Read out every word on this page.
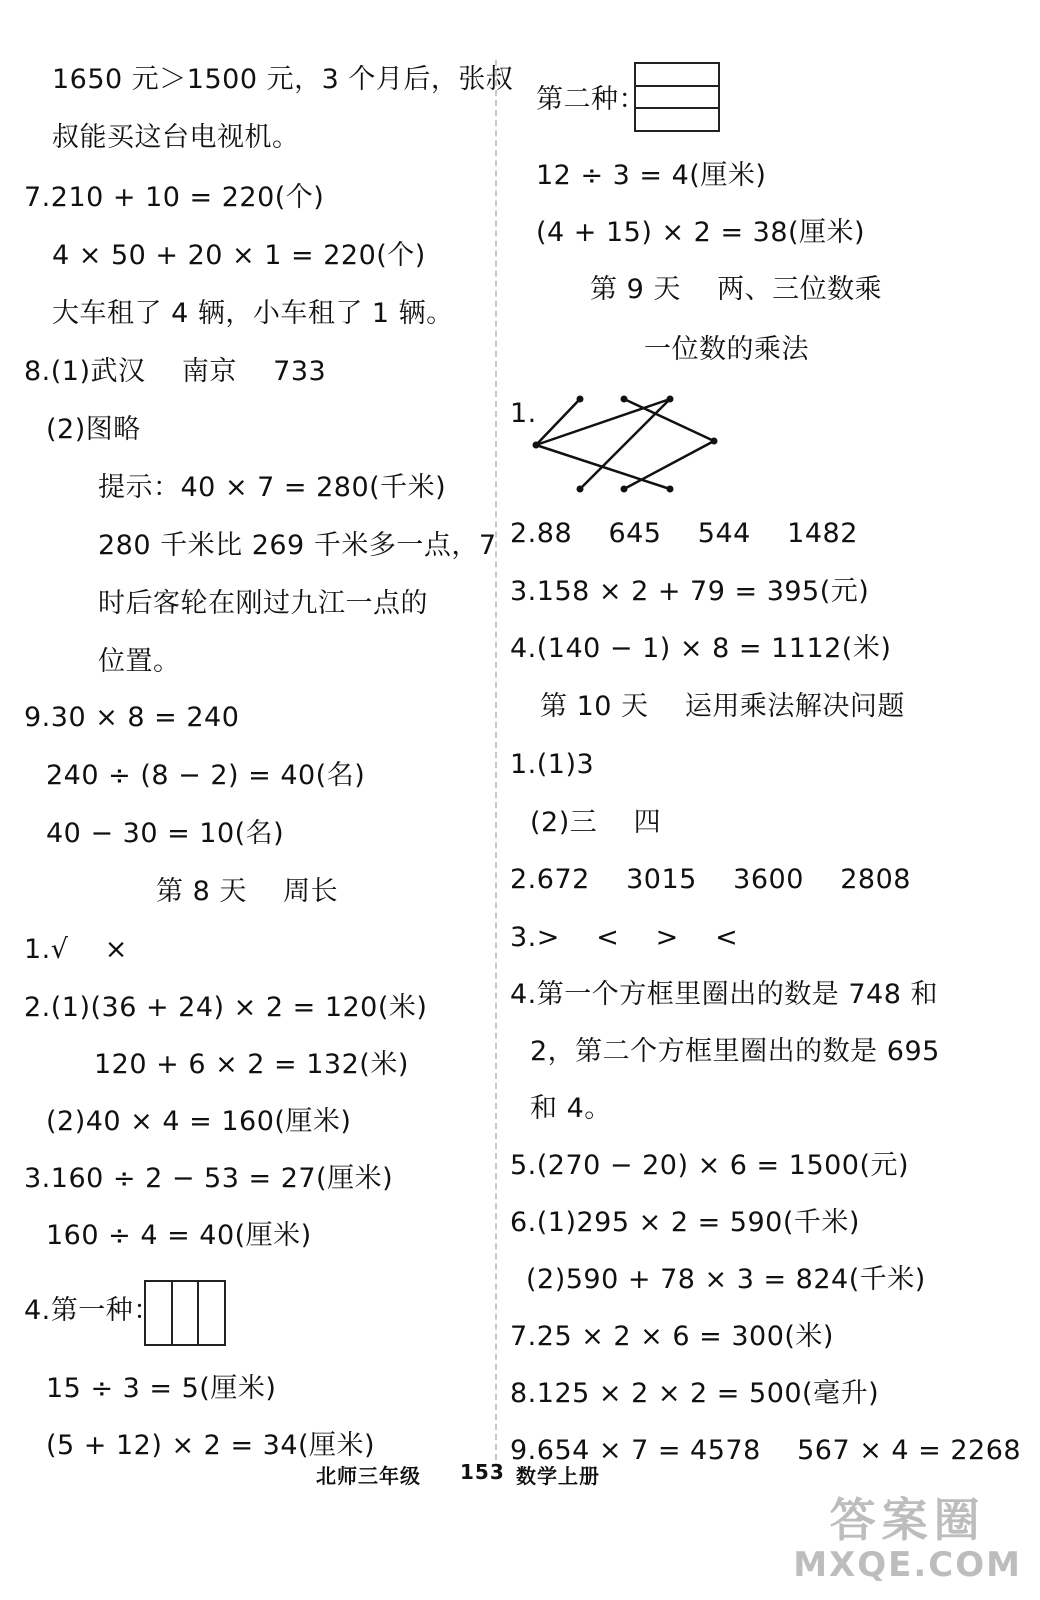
1650 元＞1500 元，3 个月后，张叔
叔能买这台电视机。
7.210 + 10 = 220(个)
4 × 50 + 20 × 1 = 220(个)
大车租了 4 辆，小车租了 1 辆。
8.(1)武汉    南京    733
(2)图略
提示：40 × 7 = 280(千米)
280 千米比 269 千米多一点，7
时后客轮在刚过九江一点的
位置。
9.30 × 8 = 240
240 ÷ (8 − 2) = 40(名)
40 − 30 = 10(名)
第 8 天    周长
1.√    ×
2.(1)(36 + 24) × 2 = 120(米)
120 + 6 × 2 = 132(米)
(2)40 × 4 = 160(厘米)
3.160 ÷ 2 − 53 = 27(厘米)
160 ÷ 4 = 40(厘米)
4.第一种：
15 ÷ 3 = 5(厘米)
(5 + 12) × 2 = 34(厘米)
第二种：
12 ÷ 3 = 4(厘米)
(4 + 15) × 2 = 38(厘米)
第 9 天    两、三位数乘
一位数的乘法
1.
2.88    645    544    1482
3.158 × 2 + 79 = 395(元)
4.(140 − 1) × 8 = 1112(米)
第 10 天    运用乘法解决问题
1.(1)3
(2)三    四
2.672    3015    3600    2808
3.>    <    >    <
4.第一个方框里圈出的数是 748 和
2，第二个方框里圈出的数是 695
和 4。
5.(270 − 20) × 6 = 1500(元)
6.(1)295 × 2 = 590(千米)
(2)590 + 78 × 3 = 824(千米)
7.25 × 2 × 6 = 300(米)
8.125 × 2 × 2 = 500(毫升)
9.654 × 7 = 4578    567 × 4 = 2268
北师三年级 153 数学上册
答案圈
MXQE.COM
